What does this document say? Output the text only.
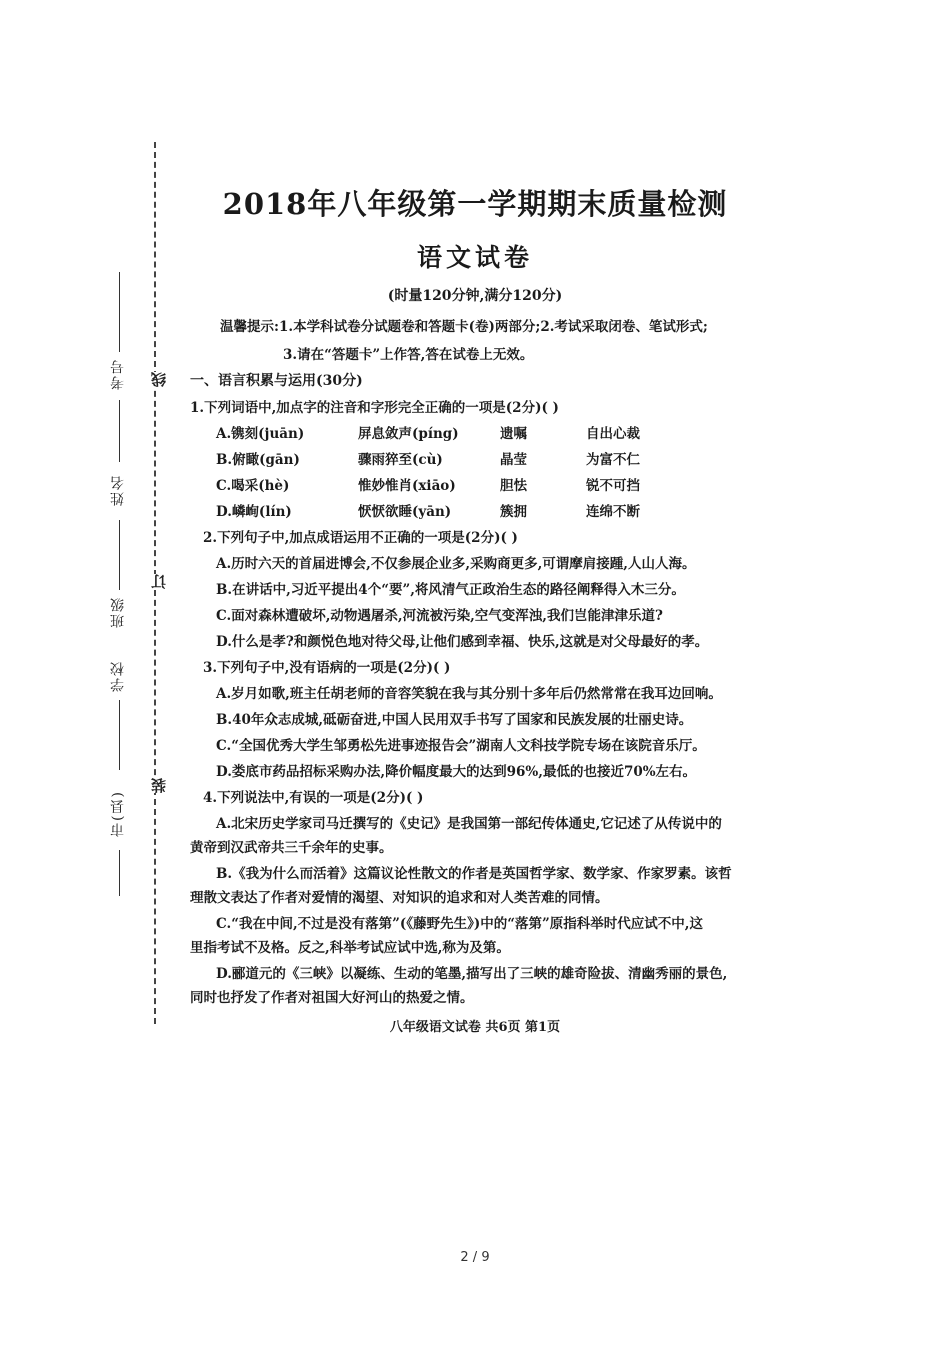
考号
姓名
班级
学校
市(县)
线
订
装
2018年八年级第一学期期末质量检测
语文试卷
(时量120分钟,满分120分)
温馨提示:1.本学科试卷分试题卷和答题卡(卷)两部分;2.考试采取闭卷、笔试形式;
3.请在“答题卡”上作答,答在试卷上无效。
一、语言积累与运用(30分)
1.下列词语中,加点字的注音和字形完全正确的一项是(2分)( )
A.镌刻(juān)	屏息敛声(píng)	遗嘱	自出心裁
B.俯瞰(gān)	骤雨猝至(cù)	晶莹	为富不仁
C.喝采(hè)	惟妙惟肖(xiāo)	胆怯	锐不可挡
D.嶙峋(lín)	恹恹欲睡(yān)	簇拥	连绵不断
2.下列句子中,加点成语运用不正确的一项是(2分)( )
A.历时六天的首届进博会,不仅参展企业多,采购商更多,可谓摩肩接踵,人山人海。
B.在讲话中,习近平提出4个“要”,将风清气正政治生态的路径阐释得入木三分。
C.面对森林遭破坏,动物遇屠杀,河流被污染,空气变浑浊,我们岂能津津乐道?
D.什么是孝?和颜悦色地对待父母,让他们感到幸福、快乐,这就是对父母最好的孝。
3.下列句子中,没有语病的一项是(2分)( )
A.岁月如歌,班主任胡老师的音容笑貌在我与其分别十多年后仍然常常在我耳边回响。
B.40年众志成城,砥砺奋进,中国人民用双手书写了国家和民族发展的壮丽史诗。
C.“全国优秀大学生邹勇松先进事迹报告会”湖南人文科技学院专场在该院音乐厅。
D.娄底市药品招标采购办法,降价幅度最大的达到96%,最低的也接近70%左右。
4.下列说法中,有误的一项是(2分)( )
A.北宋历史学家司马迁撰写的《史记》是我国第一部纪传体通史,它记述了从传说中的
黄帝到汉武帝共三千余年的史事。
B.《我为什么而活着》这篇议论性散文的作者是英国哲学家、数学家、作家罗素。该哲
理散文表达了作者对爱情的渴望、对知识的追求和对人类苦难的同情。
C.“我在中间,不过是没有落第”(《藤野先生》)中的“落第”原指科举时代应试不中,这
里指考试不及格。反之,科举考试应试中选,称为及第。
D.郦道元的《三峡》以凝练、生动的笔墨,描写出了三峡的雄奇险拔、清幽秀丽的景色,
同时也抒发了作者对祖国大好河山的热爱之情。
八年级语文试卷 共6页 第1页
2 / 9
